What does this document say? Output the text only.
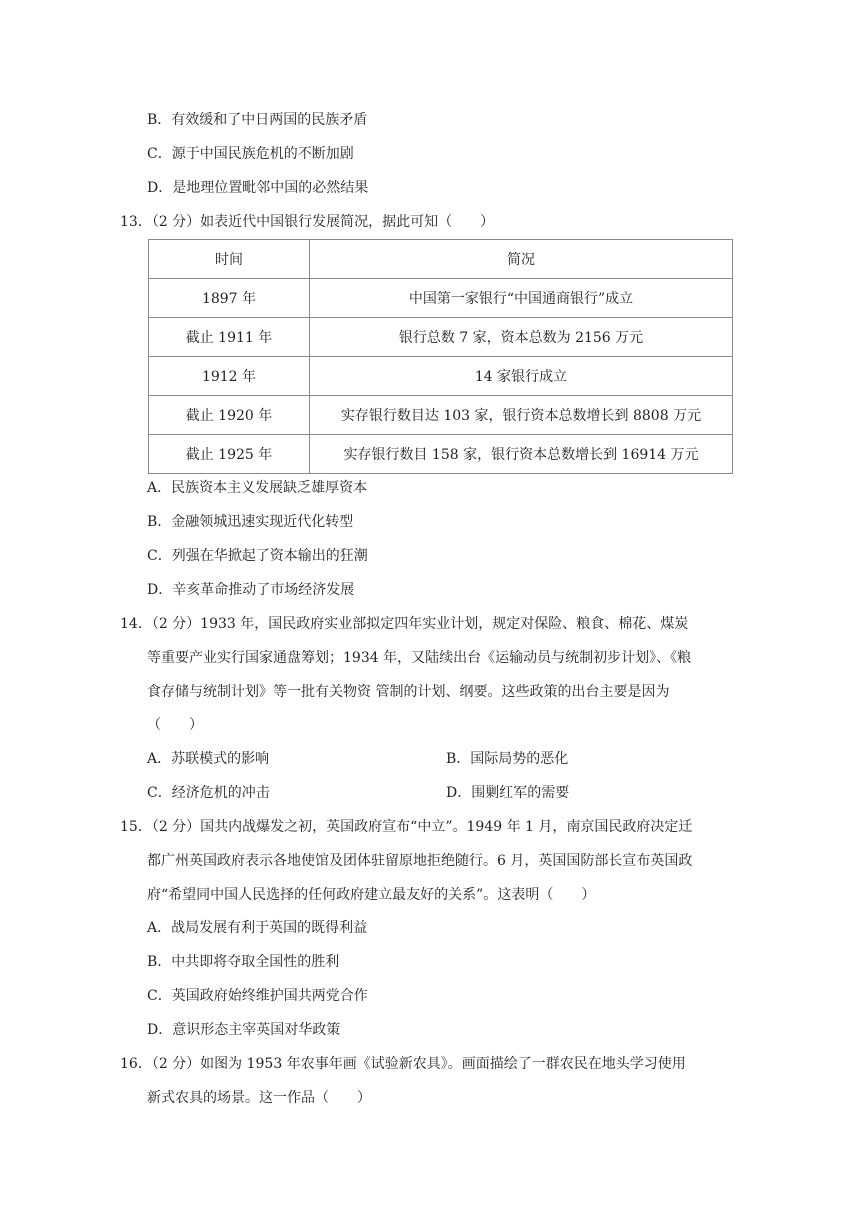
B．有效缓和了中日两国的民族矛盾
C．源于中国民族危机的不断加剧
D．是地理位置毗邻中国的必然结果
13．（2 分）如表近代中国银行发展简况，据此可知（　　）
时间	简况
1897 年	中国第一家银行“中国通商银行”成立
截止 1911 年	银行总数 7 家，资本总数为 2156 万元
1912 年	14 家银行成立
截止 1920 年	实存银行数目达 103 家，银行资本总数增长到 8808 万元
截止 1925 年	实存银行数目 158 家，银行资本总数增长到 16914 万元
A．民族资本主义发展缺乏雄厚资本
B．金融领城迅速实现近代化转型
C．列强在华掀起了资本输出的狂潮
D．辛亥革命推动了市场经济发展
14．（2 分）1933 年，国民政府实业部拟定四年实业计划，规定对保险、粮食、棉花、煤炭
等重要产业实行国家通盘筹划；1934 年，又陆续出台《运输动员与统制初步计划》、《粮
食存储与统制计划》等一批有关物资 管制的计划、纲要。这些政策的出台主要是因为
（　　）
A．苏联模式的影响	B．国际局势的恶化
C．经济危机的冲击	D．围剿红军的需要
15．（2 分）国共内战爆发之初，英国政府宣布“中立”。1949 年 1 月，南京国民政府决定迁
都广州英国政府表示各地使馆及团体驻留原地拒绝随行。6 月，英国国防部长宣布英国政
府“希望同中国人民选择的任何政府建立最友好的关系”。这表明（　　）
A．战局发展有利于英国的既得利益
B．中共即将夺取全国性的胜利
C．英国政府始终维护国共两党合作
D．意识形态主宰英国对华政策
16．（2 分）如图为 1953 年农事年画《试验新农具》。画面描绘了一群农民在地头学习使用
新式农具的场景。这一作品（　　）
